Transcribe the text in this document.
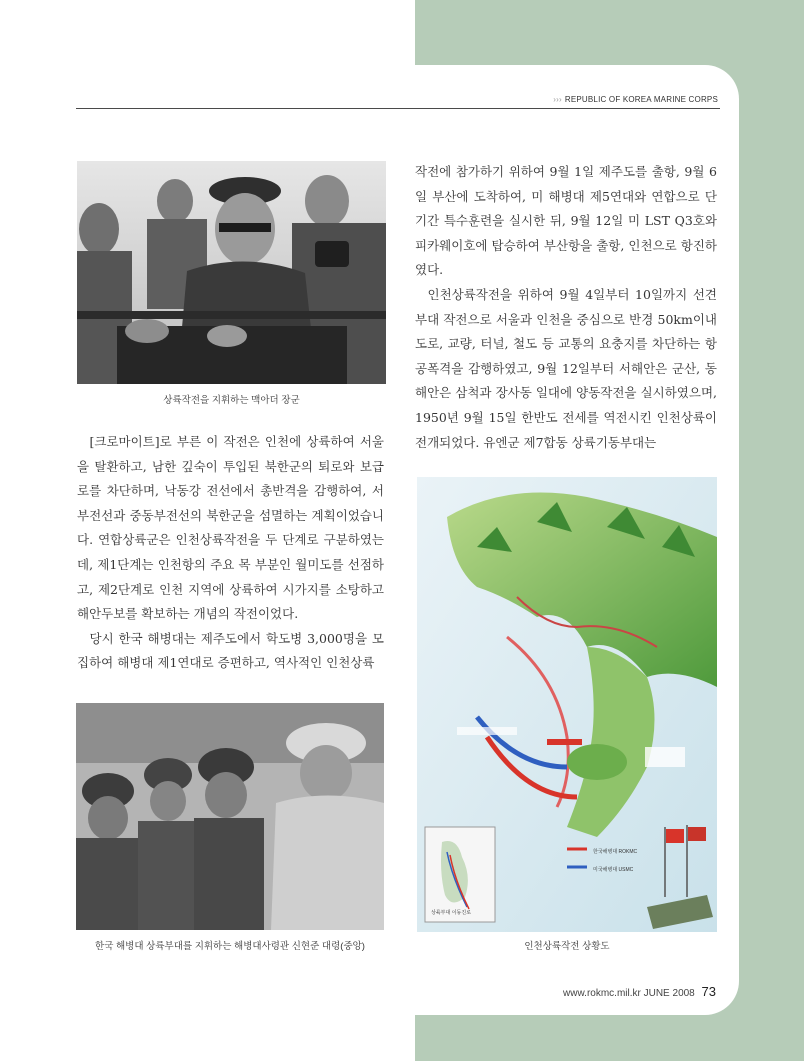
››› REPUBLIC OF KOREA MARINE CORPS
상륙작전을 지휘하는 맥아더 장군

[크로마이트]로 부른 이 작전은 인천에 상륙하여 서울을 탈환하고, 남한 깊숙이 투입된 북한군의 퇴로와 보급로를 차단하며, 낙동강 전선에서 총반격을 감행하여, 서부전선과 중동부전선의 북한군을 섬멸하는 계획이었습니다. 연합상륙군은 인천상륙작전을 두 단계로 구분하였는데, 제1단계는 인천항의 주요 목 부분인 월미도를 선점하고, 제2단계로 인천 지역에 상륙하여 시가지를 소탕하고 해안두보를 확보하는 개념의 작전이었다.

당시 한국 해병대는 제주도에서 학도병 3,000명을 모집하여 해병대 제1연대로 증편하고, 역사적인 인천상륙

한국 해병대 상륙부대를 지휘하는 해병대사령관 신현준 대령(중앙)

작전에 참가하기 위하여 9월 1일 제주도를 출항, 9월 6일 부산에 도착하여, 미 해병대 제5연대와 연합으로 단기간 특수훈련을 실시한 뒤, 9월 12일 미 LST Q3호와 피카웨이호에 탑승하여 부산항을 출항, 인천으로 항진하였다.

인천상륙작전을 위하여 9월 4일부터 10일까지 선견부대 작전으로 서울과 인천을 중심으로 반경 50km이내 도로, 교량, 터널, 철도 등 교통의 요충지를 차단하는 항공폭격을 감행하였고, 9월 12일부터 서해안은 군산, 동해안은 삼척과 장사동 일대에 양동작전을 실시하였으며, 1950년 9월 15일 한반도 전세를 역전시킨 인천상륙이 전개되었다. 유엔군 제7합동 상륙기동부대는

한국해병대 ROKMC
미국해병대 USMC
상륙부대 이동진로
인천상륙작전 상황도
www.rokmc.mil.kr JUNE 2008 73
